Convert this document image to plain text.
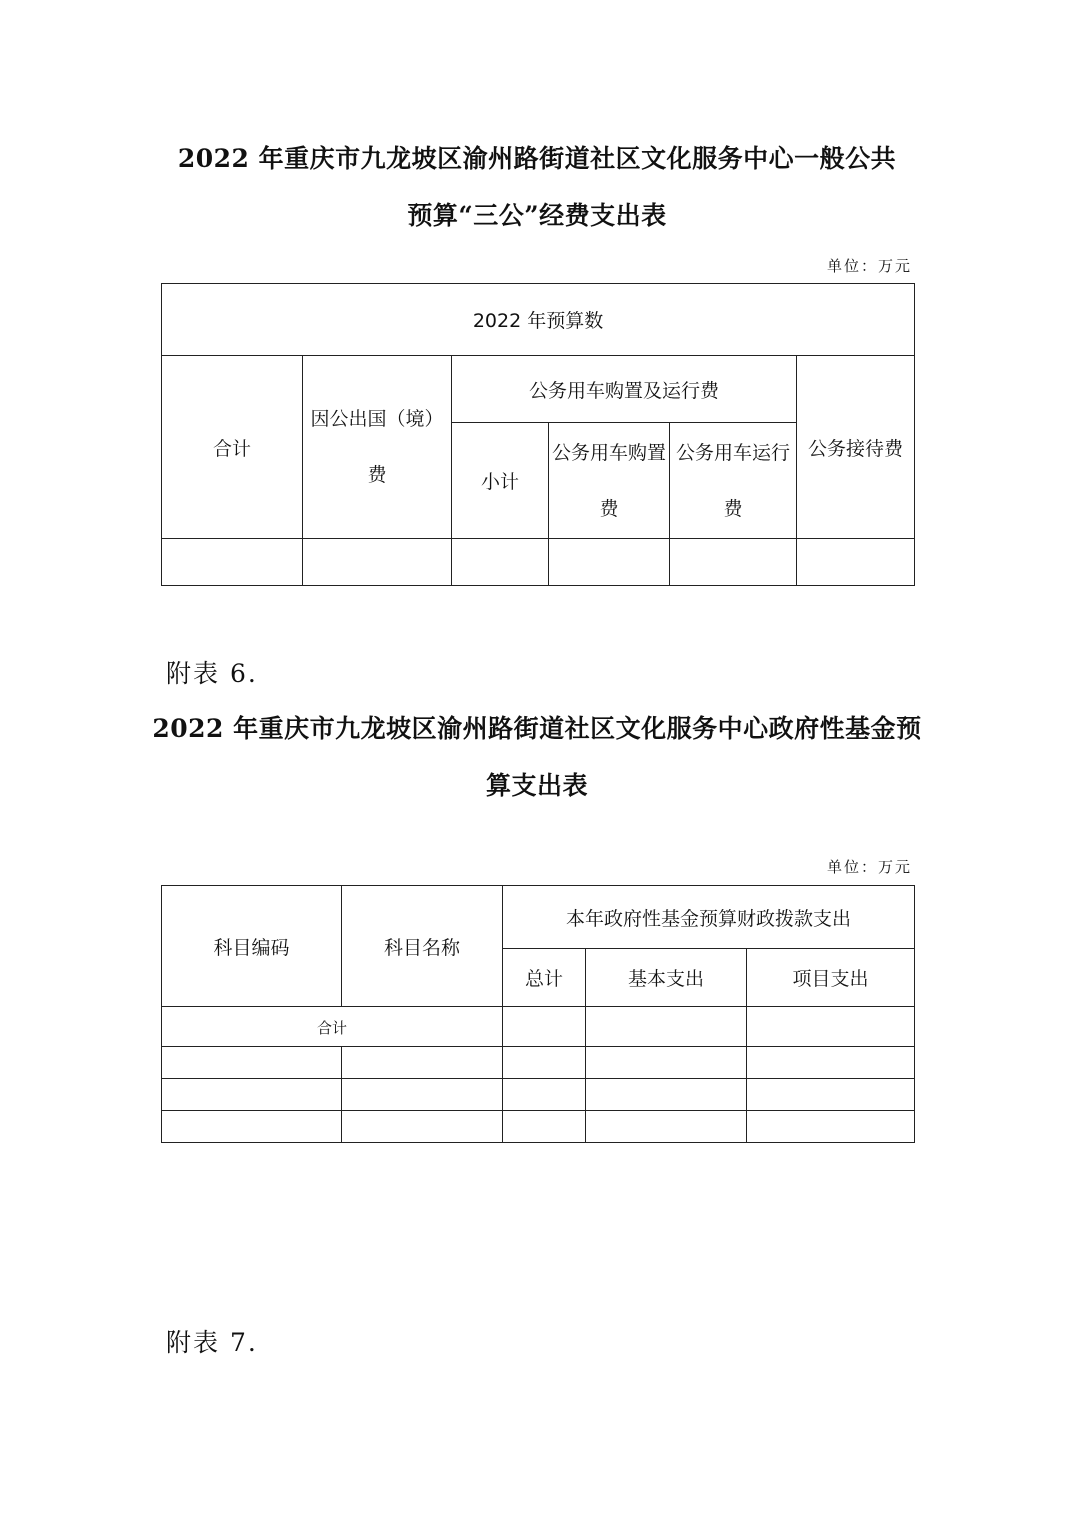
2022 年重庆市九龙坡区渝州路街道社区文化服务中心一般公共
预算“三公”经费支出表
单位：万元
2022 年预算数					
合计	因公出国（境）费	公务用车购置及运行费			公务接待费
		小计	公务用车购置费	公务用车运行费	

附表 6.
2022 年重庆市九龙坡区渝州路街道社区文化服务中心政府性基金预
算支出表
单位：万元
科目编码	科目名称	本年政府性基金预算财政拨款支出		
		总计	基本支出	项目支出
合计				

附表 7.
